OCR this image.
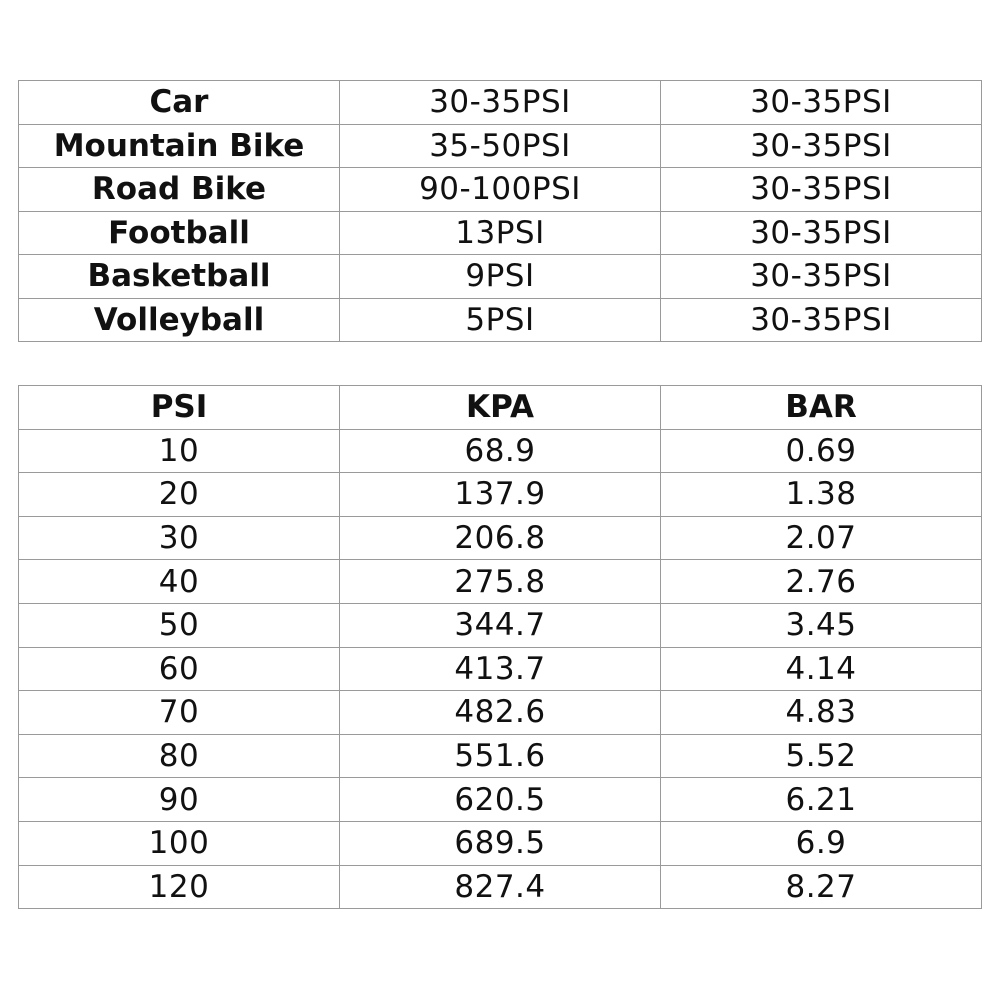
Car	30-35PSI	30-35PSI
Mountain Bike	35-50PSI	30-35PSI
Road Bike	90-100PSI	30-35PSI
Football	13PSI	30-35PSI
Basketball	9PSI	30-35PSI
Volleyball	5PSI	30-35PSI
PSI	KPA	BAR
10	68.9	0.69
20	137.9	1.38
30	206.8	2.07
40	275.8	2.76
50	344.7	3.45
60	413.7	4.14
70	482.6	4.83
80	551.6	5.52
90	620.5	6.21
100	689.5	6.9
120	827.4	8.27
